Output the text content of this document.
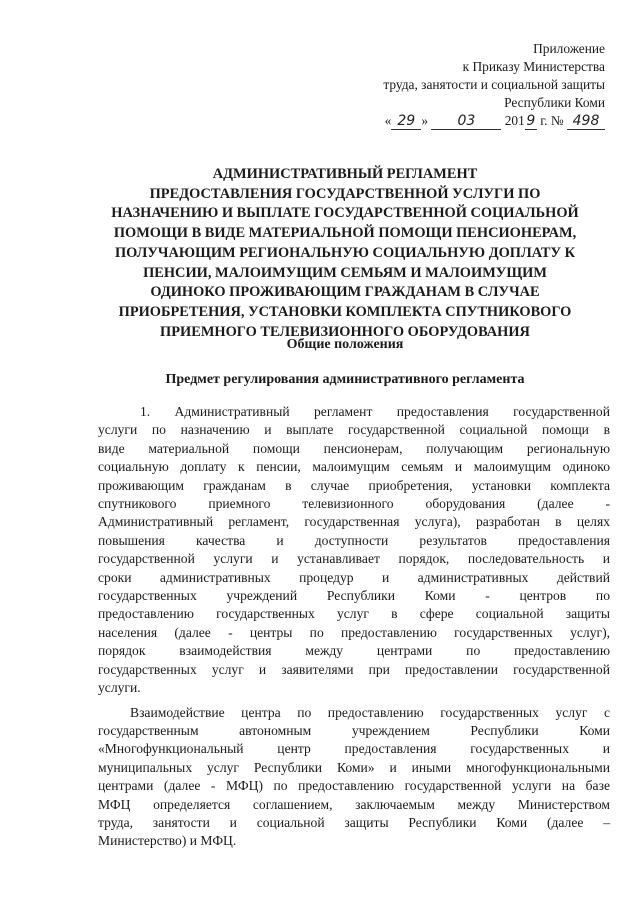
Приложение
к Приказу Министерства
труда, занятости и социальной защиты
Республики Коми
« 29 » 03 201 9 г. № 498
АДМИНИСТРАТИВНЫЙ РЕГЛАМЕНТ
ПРЕДОСТАВЛЕНИЯ ГОСУДАРСТВЕННОЙ УСЛУГИ ПО
НАЗНАЧЕНИЮ И ВЫПЛАТЕ ГОСУДАРСТВЕННОЙ СОЦИАЛЬНОЙ
ПОМОЩИ В ВИДЕ МАТЕРИАЛЬНОЙ ПОМОЩИ ПЕНСИОНЕРАМ,
ПОЛУЧАЮЩИМ РЕГИОНАЛЬНУЮ СОЦИАЛЬНУЮ ДОПЛАТУ К
ПЕНСИИ, МАЛОИМУЩИМ СЕМЬЯМ И МАЛОИМУЩИМ
ОДИНОКО ПРОЖИВАЮЩИМ ГРАЖДАНАМ В СЛУЧАЕ
ПРИОБРЕТЕНИЯ, УСТАНОВКИ КОМПЛЕКТА СПУТНИКОВОГО
ПРИЕМНОГО ТЕЛЕВИЗИОННОГО ОБОРУДОВАНИЯ
Общие положения
Предмет регулирования административного регламента
1. Административный регламент предоставления государственной
услуги по назначению и выплате государственной социальной помощи в
виде материальной помощи пенсионерам, получающим региональную
социальную доплату к пенсии, малоимущим семьям и малоимущим одиноко
проживающим гражданам в случае приобретения, установки комплекта
спутникового приемного телевизионного оборудования (далее -
Административный регламент, государственная услуга), разработан в целях
повышения качества и доступности результатов предоставления
государственной услуги и устанавливает порядок, последовательность и
сроки административных процедур и административных действий
государственных учреждений Республики Коми - центров по
предоставлению государственных услуг в сфере социальной защиты
населения (далее - центры по предоставлению государственных услуг),
порядок взаимодействия между центрами по предоставлению
государственных услуг и заявителями при предоставлении государственной
услуги.
Взаимодействие центра по предоставлению государственных услуг с
государственным автономным учреждением Республики Коми
«Многофункциональный центр предоставления государственных и
муниципальных услуг Республики Коми» и иными многофункциональными
центрами (далее - МФЦ) по предоставлению государственной услуги на базе
МФЦ определяется соглашением, заключаемым между Министерством
труда, занятости и социальной защиты Республики Коми (далее –
Министерство) и МФЦ.
